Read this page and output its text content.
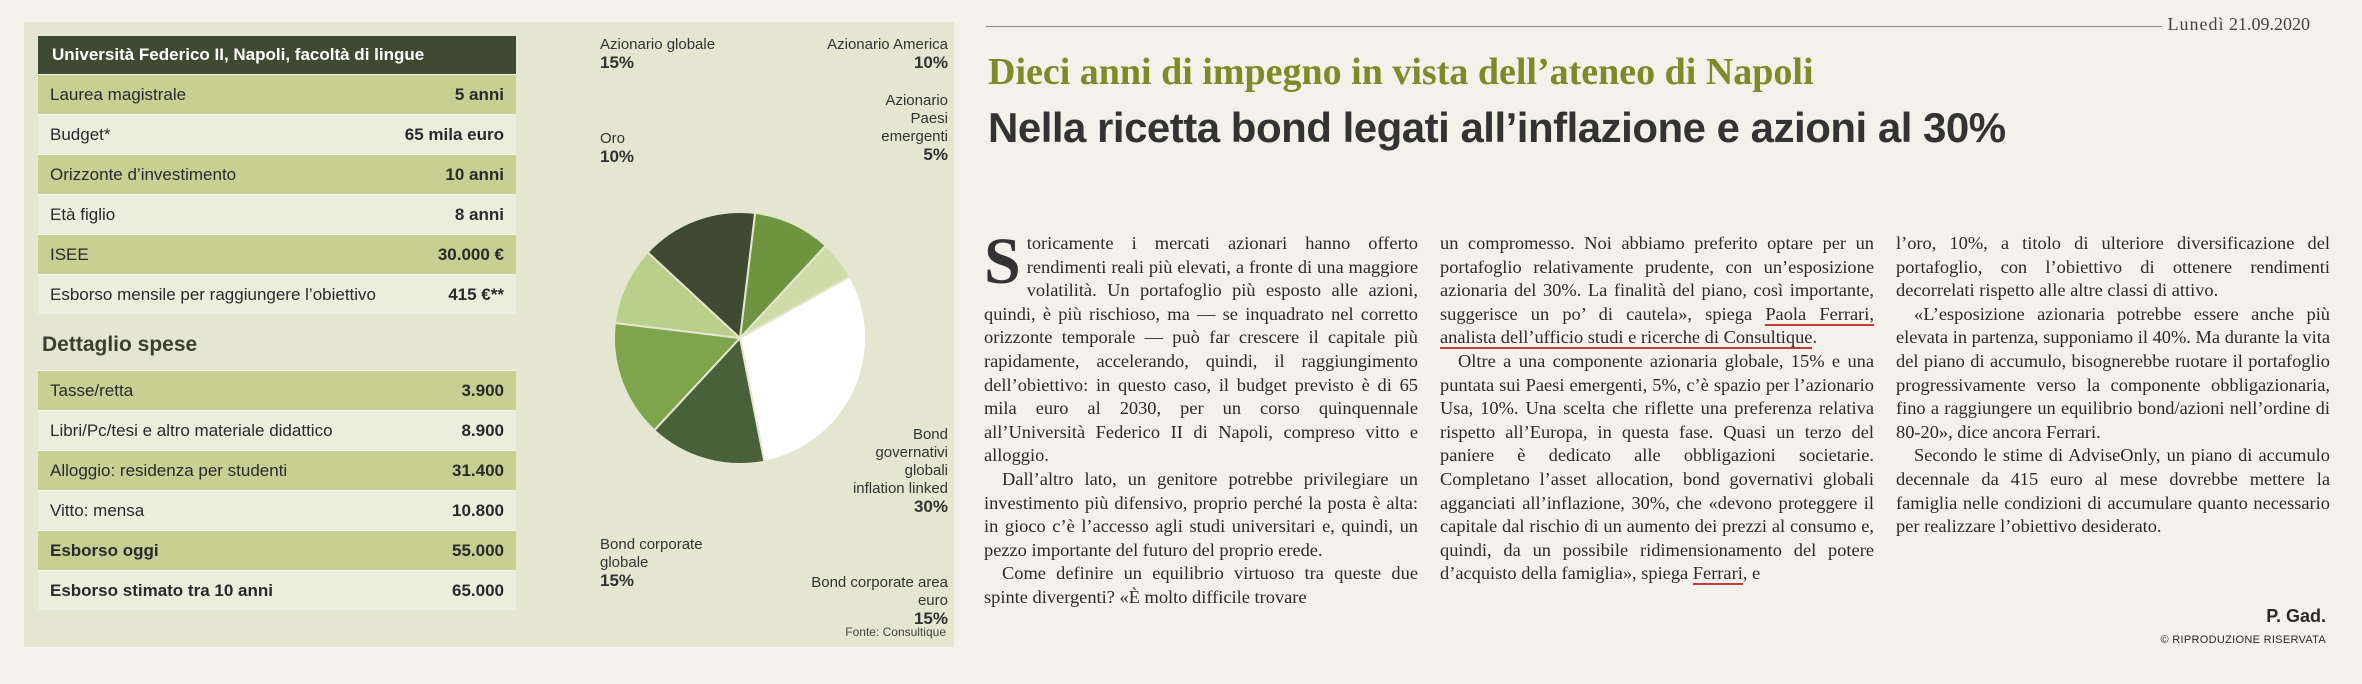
Università Federico II, Napoli, facoltà di lingue
Laurea magistrale	5 anni
Budget*	65 mila euro
Orizzonte d’investimento	10 anni
Età figlio	8 anni
ISEE	30.000 €
Esborso mensile per raggiungere l’obiettivo	415 €**
Dettaglio spese
Tasse/retta	3.900
Libri/Pc/tesi e altro materiale didattico	8.900
Alloggio: residenza per studenti	31.400
Vitto: mensa	10.800
Esborso oggi	55.000
Esborso stimato tra 10 anni	65.000
Azionario globale
15%
Azionario America
10%
Azionario Paesi emergenti
5%
Oro
10%
Bond governativi globali inflation linked
30%
Bond corporate globale
15%	Bond corporate area euro
15%
Fonte: Consultique
Lunedì 21.09.2020
Dieci anni di impegno in vista dell’ateneo di Napoli
Nella ricetta bond legati all’inflazione e azioni al 30%

Storicamente i mercati azionari hanno offerto rendimenti reali più elevati, a fronte di una maggiore volatilità. Un portafoglio più esposto alle azioni, quindi, è più rischioso, ma — se inquadrato nel corretto orizzonte temporale — può far crescere il capitale più rapidamente, accelerando, quindi, il raggiungimento dell’obiettivo: in questo caso, il budget previsto è di 65 mila euro al 2030, per un corso quinquennale all’Università Federico II di Napoli, compreso vitto e alloggio.

Dall’altro lato, un genitore potrebbe privilegiare un investimento più difensivo, proprio perché la posta è alta: in gioco c’è l’accesso agli studi universitari e, quindi, un pezzo importante del futuro del proprio erede.

Come definire un equilibrio virtuoso tra queste due spinte divergenti? «È molto difficile trovare

un compromesso. Noi abbiamo preferito optare per un portafoglio relativamente prudente, con un’esposizione azionaria del 30%. La finalità del piano, così importante, suggerisce un po’ di cautela», spiega Paola Ferrari, analista dell’ufficio studi e ricerche di Consultique.

Oltre a una componente azionaria globale, 15% e una puntata sui Paesi emergenti, 5%, c’è spazio per l’azionario Usa, 10%. Una scelta che riflette una preferenza relativa rispetto all’Europa, in questa fase. Quasi un terzo del paniere è dedicato alle obbligazioni societarie. Completano l’asset allocation, bond governativi globali agganciati all’inflazione, 30%, che «devono proteggere il capitale dal rischio di un aumento dei prezzi al consumo e, quindi, da un possibile ridimensionamento del potere d’acquisto della famiglia», spiega Ferrari, e

l’oro, 10%, a titolo di ulteriore diversificazione del portafoglio, con l’obiettivo di ottenere rendimenti decorrelati rispetto alle altre classi di attivo.

«L’esposizione azionaria potrebbe essere anche più elevata in partenza, supponiamo il 40%. Ma durante la vita del piano di accumulo, bisognerebbe ruotare il portafoglio progressivamente verso la componente obbligazionaria, fino a raggiungere un equilibrio bond/azioni nell’ordine di 80-20», dice ancora Ferrari.

Secondo le stime di AdviseOnly, un piano di accumulo decennale da 415 euro al mese dovrebbe mettere la famiglia nelle condizioni di accumulare quanto necessario per realizzare l’obiettivo desiderato.

P. Gad.
© RIPRODUZIONE RISERVATA
